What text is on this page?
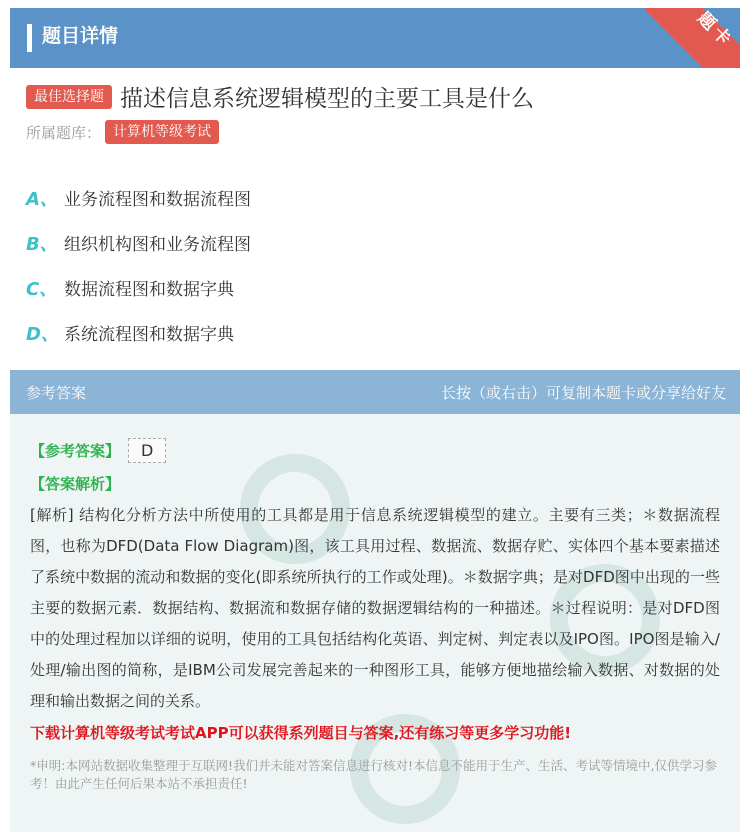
题目详情	题卡
最佳选择题 描述信息系统逻辑模型的主要工具是什么
所属题库： 计算机等级考试
A、 业务流程图和数据流程图
B、 组织机构图和业务流程图
C、 数据流程图和数据字典
D、 系统流程图和数据字典
参考答案	长按（或右击）可复制本题卡或分享给好友

【参考答案】	D
【答案解析】
[解析] 结构化分析方法中所使用的工具都是用于信息系统逻辑模型的建立。主要有三类；＊数据流程图，也称为DFD(Data Flow Diagram)图，该工具用过程、数据流、数据存贮、实体四个基本要素描述了系统中数据的流动和数据的变化(即系统所执行的工作或处理)。＊数据字典；是对DFD图中出现的一些主要的数据元素．数据结构、数据流和数据存储的数据逻辑结构的一种描述。＊过程说明：是对DFD图中的处理过程加以详细的说明，使用的工具包括结构化英语、判定树、判定表以及IPO图。IPO图是输入/处理/输出图的简称，是IBM公司发展完善起来的一种图形工具，能够方便地描绘输入数据、对数据的处理和输出数据之间的关系。
下载计算机等级考试考试APP可以获得系列题目与答案,还有练习等更多学习功能!
*申明:本网站数据收集整理于互联网!我们并未能对答案信息进行核对!本信息不能用于生产、生活、考试等情境中,仅供学习参考！由此产生任何后果本站不承担责任!
